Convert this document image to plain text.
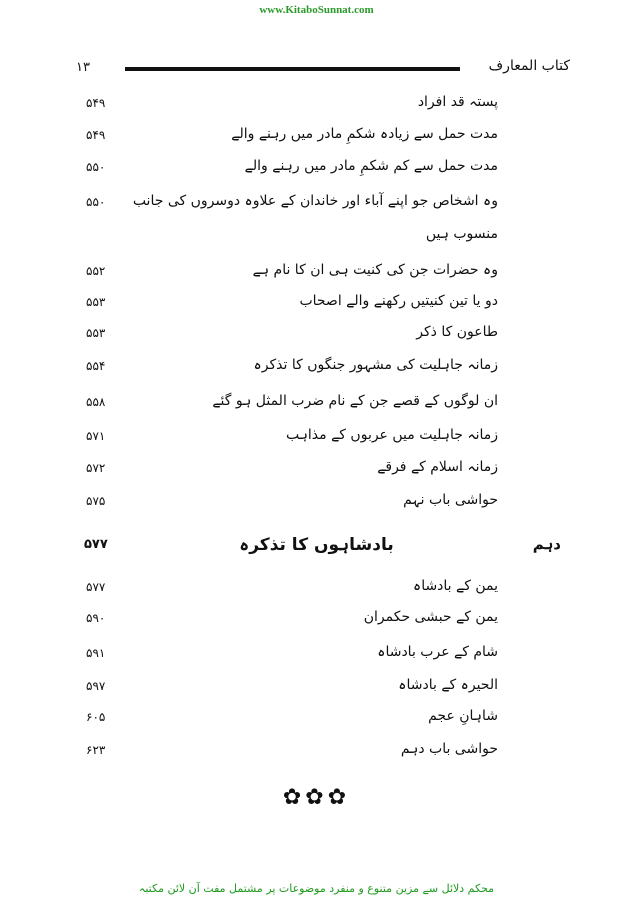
www.KitaboSunnat.com
۱۳	كتاب المعارف
پستہ قد افراد
۵۴۹
مدت حمل سے زیادہ شکمِ مادر میں رہنے والے
۵۴۹
مدت حمل سے کم شکمِ مادر میں رہنے والے
۵۵۰
وہ اشخاص جو اپنے آباء اور خاندان کے علاوہ دوسروں کی جانب
۵۵۰
منسوب ہیں
وہ حضرات جن کی کنیت ہی ان کا نام ہے
۵۵۲
دو یا تین کنیتیں رکھنے والے اصحاب
۵۵۳
طاعون کا ذکر
۵۵۳
زمانہ جاہلیت کی مشہور جنگوں کا تذکرہ
۵۵۴
ان لوگوں کے قصے جن کے نام ضرب المثل ہو گئے
۵۵۸
زمانہ جاہلیت میں عربوں کے مذاہب
۵۷۱
زمانہ اسلام کے فرقے
۵۷۲
حواشی باب نہم
۵۷۵
دہم
بادشاہوں کا تذکرہ
۵۷۷
یمن کے بادشاہ
۵۷۷
یمن کے حبشی حکمران
۵۹۰
شام کے عرب بادشاہ
۵۹۱
الحیرہ کے بادشاہ
۵۹۷
شاہانِ عجم
۶۰۵
حواشی باب دہم
۶۲۳
✿✿✿
محکم دلائل سے مزین متنوع و منفرد موضوعات پر مشتمل مفت آن لائن مکتبہ
